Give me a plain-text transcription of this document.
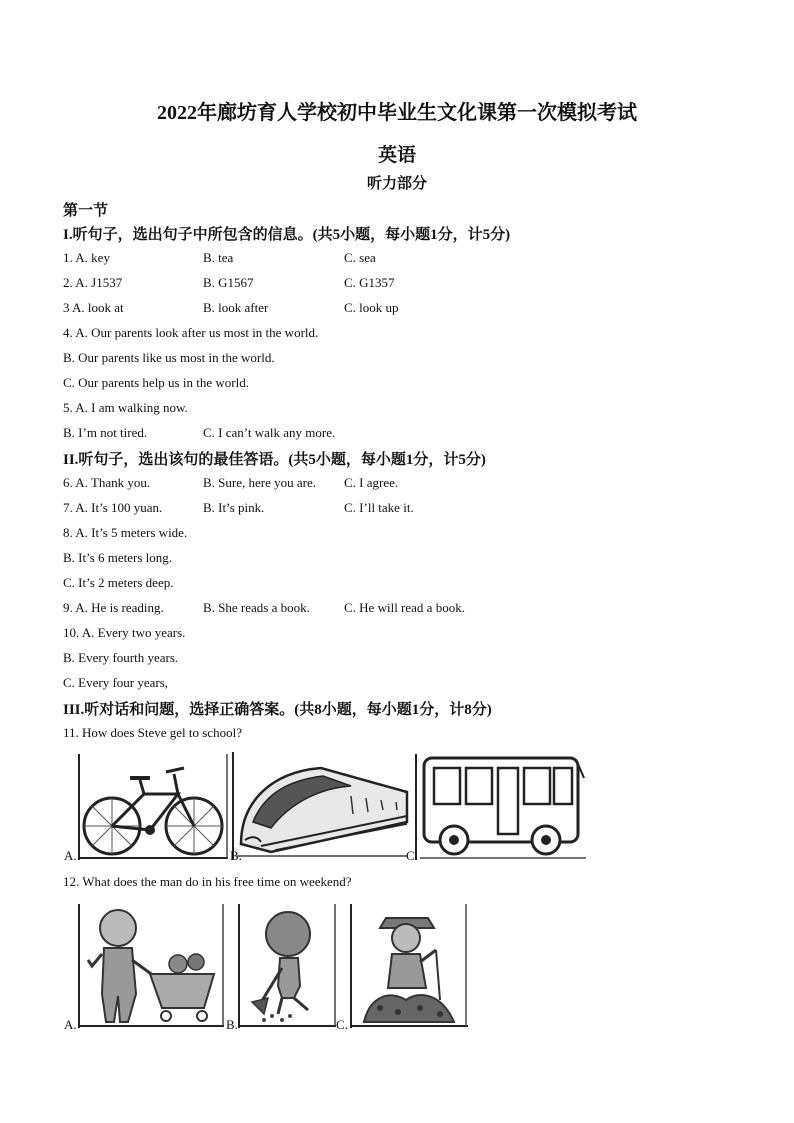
2022年廊坊育人学校初中毕业生文化课第一次模拟考试
英语
听力部分
第一节
I.听句子，选出句子中所包含的信息。(共5小题，每小题1分，计5分)
1. A. key	B. tea	C. sea
2. A. J1537	B. G1567	C. G1357
3 A. look at	B. look after	C. look up
4. A. Our parents look after us most in the world.
B. Our parents like us most in the world.
C. Our parents help us in the world.
5. A. I am walking now.
B. I’m not tired.	C. I can’t walk any more.
II.听句子，选出该句的最佳答语。(共5小题，每小题1分，计5分)
6. A. Thank you.	B. Sure, here you are. C. I agree.
7. A. It’s 100 yuan.	B. It’s pink.	C. I’ll take it.
8. A. It’s 5 meters wide.
B. It’s 6 meters long.
C. It’s 2 meters deep.
9. A. He is reading.	B. She reads a book.	C. He will read a book.
10. A. Every two years.
B. Every fourth years.
C. Every four years,
III.听对话和问题，选择正确答案。(共8小题，每小题1分，计8分)
11. How does Steve gel to school?
A.	B.	C.
12. What does the man do in his free time on weekend?
A.	B.	C.
